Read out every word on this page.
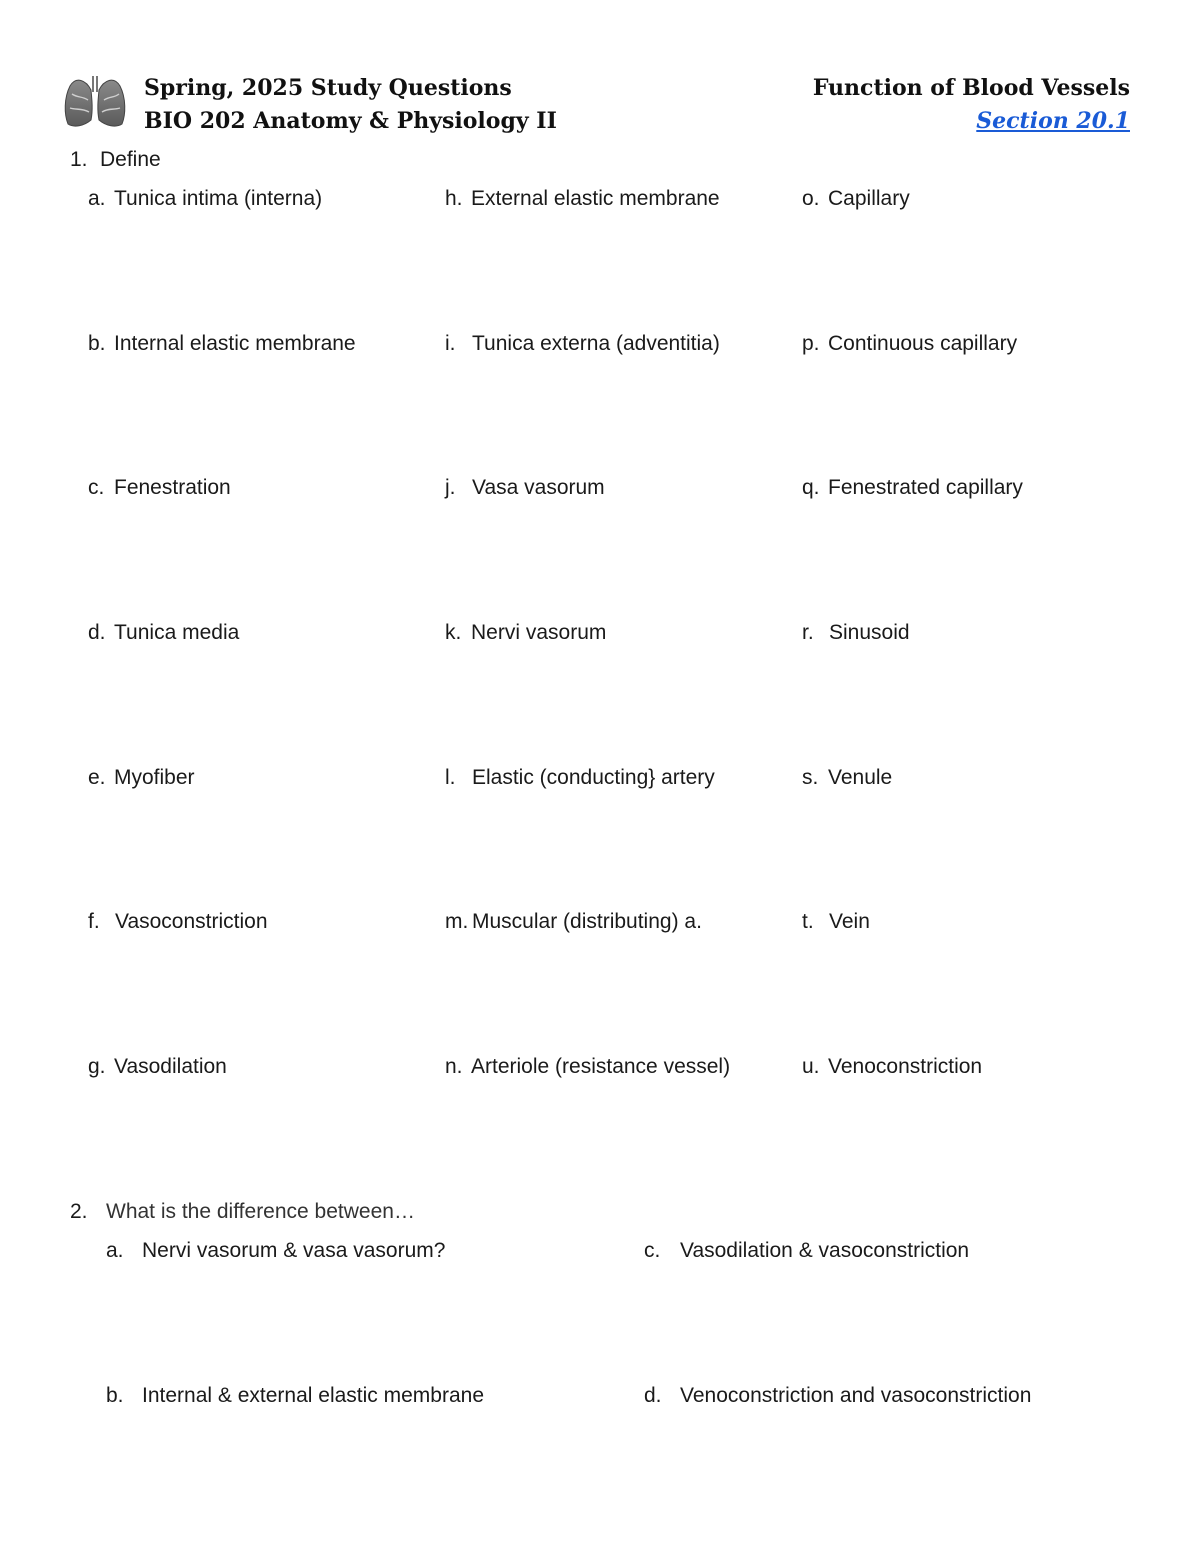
Spring, 2025 Study Questions
BIO 202 Anatomy & Physiology II
Function of Blood Vessels
Section 20.1
1. Define
a. Tunica intima (interna)	h. External elastic membrane	o. Capillary
b. Internal elastic membrane	i. Tunica externa (adventitia)	p. Continuous capillary
c. Fenestration	j. Vasa vasorum	q. Fenestrated capillary
d. Tunica media	k. Nervi vasorum	r. Sinusoid
e. Myofiber	l. Elastic (conducting} artery	s. Venule
f. Vasoconstriction	m. Muscular (distributing) a.	t. Vein
g. Vasodilation	n. Arteriole (resistance vessel)	u. Venoconstriction
2. What is the difference between…
a. Nervi vasorum & vasa vasorum?	c. Vasodilation & vasoconstriction
b. Internal & external elastic membrane	d. Venoconstriction and vasoconstriction
